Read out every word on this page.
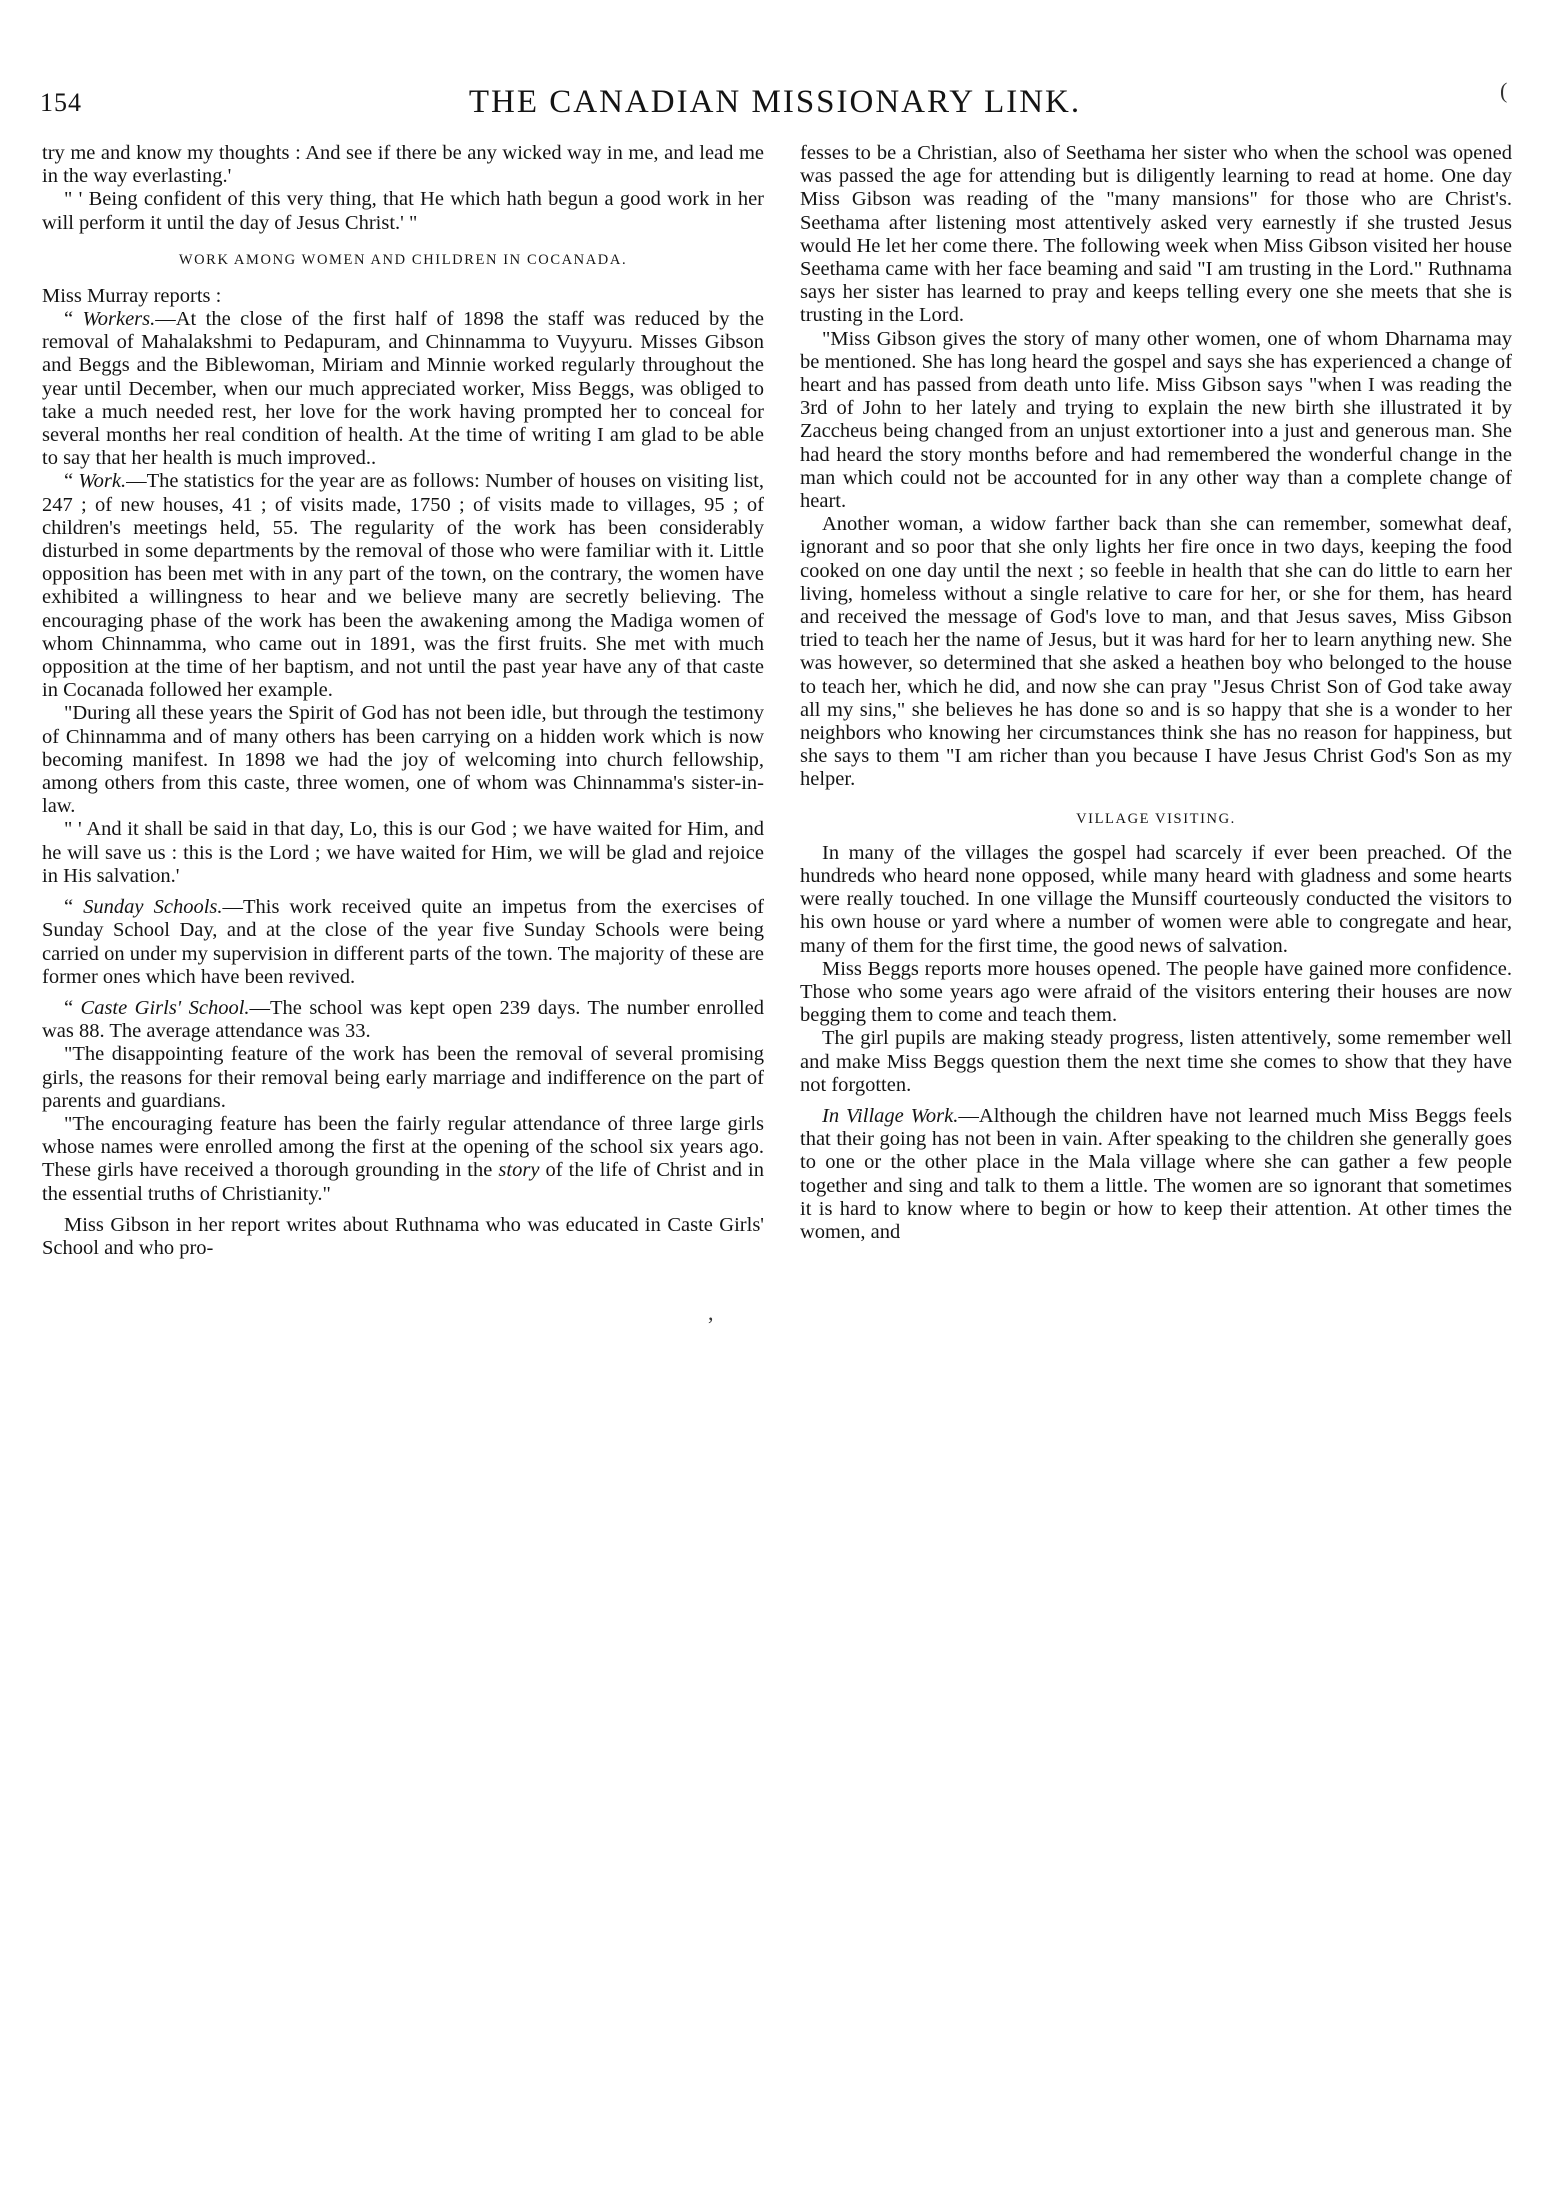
154	THE CANADIAN MISSIONARY LINK.	(
,

try me and know my thoughts : And see if there be any wicked way in me, and lead me in the way everlasting.'

" ' Being confident of this very thing, that He which hath begun a good work in her will perform it until the day of Jesus Christ.' "

WORK AMONG WOMEN AND CHILDREN IN COCANADA.

Miss Murray reports :

“ Workers.—At the close of the first half of 1898 the staff was reduced by the removal of Mahalakshmi to Pedapuram, and Chinnamma to Vuyyuru. Misses Gibson and Beggs and the Biblewoman, Miriam and Minnie worked regularly throughout the year until December, when our much appreciated worker, Miss Beggs, was obliged to take a much needed rest, her love for the work having prompted her to conceal for several months her real condition of health. At the time of writing I am glad to be able to say that her health is much improved..

“ Work.—The statistics for the year are as follows: Number of houses on visiting list, 247 ; of new houses, 41 ; of visits made, 1750 ; of visits made to villages, 95 ; of children's meetings held, 55. The regularity of the work has been considerably disturbed in some departments by the removal of those who were familiar with it. Little opposition has been met with in any part of the town, on the contrary, the women have exhibited a willingness to hear and we believe many are secretly believing. The encouraging phase of the work has been the awakening among the Madiga women of whom Chinnamma, who came out in 1891, was the first fruits. She met with much opposition at the time of her baptism, and not until the past year have any of that caste in Cocanada followed her example.

"During all these years the Spirit of God has not been idle, but through the testimony of Chinnamma and of many others has been carrying on a hidden work which is now becoming manifest. In 1898 we had the joy of welcoming into church fellowship, among others from this caste, three women, one of whom was Chinnamma's sister-in-law.

" ' And it shall be said in that day, Lo, this is our God ; we have waited for Him, and he will save us : this is the Lord ; we have waited for Him, we will be glad and rejoice in His salvation.'

“ Sunday Schools.—This work received quite an impetus from the exercises of Sunday School Day, and at the close of the year five Sunday Schools were being carried on under my supervision in different parts of the town. The majority of these are former ones which have been revived.

“ Caste Girls' School.—The school was kept open 239 days. The number enrolled was 88. The average attendance was 33.

"The disappointing feature of the work has been the removal of several promising girls, the reasons for their removal being early marriage and indifference on the part of parents and guardians.

"The encouraging feature has been the fairly regular attendance of three large girls whose names were enrolled among the first at the opening of the school six years ago. These girls have received a thorough grounding in the story of the life of Christ and in the essential truths of Christianity."

Miss Gibson in her report writes about Ruthnama who was educated in Caste Girls' School and who pro-

fesses to be a Christian, also of Seethama her sister who when the school was opened was passed the age for attending but is diligently learning to read at home. One day Miss Gibson was reading of the "many mansions" for those who are Christ's. Seethama after listening most attentively asked very earnestly if she trusted Jesus would He let her come there. The following week when Miss Gibson visited her house Seethama came with her face beaming and said "I am trusting in the Lord." Ruthnama says her sister has learned to pray and keeps telling every one she meets that she is trusting in the Lord.

"Miss Gibson gives the story of many other women, one of whom Dharnama may be mentioned. She has long heard the gospel and says she has experienced a change of heart and has passed from death unto life. Miss Gibson says "when I was reading the 3rd of John to her lately and trying to explain the new birth she illustrated it by Zaccheus being changed from an unjust extortioner into a just and generous man. She had heard the story months before and had remembered the wonderful change in the man which could not be accounted for in any other way than a complete change of heart.

Another woman, a widow farther back than she can remember, somewhat deaf, ignorant and so poor that she only lights her fire once in two days, keeping the food cooked on one day until the next ; so feeble in health that she can do little to earn her living, homeless without a single relative to care for her, or she for them, has heard and received the message of God's love to man, and that Jesus saves, Miss Gibson tried to teach her the name of Jesus, but it was hard for her to learn anything new. She was however, so determined that she asked a heathen boy who belonged to the house to teach her, which he did, and now she can pray "Jesus Christ Son of God take away all my sins," she believes he has done so and is so happy that she is a wonder to her neighbors who knowing her circumstances think she has no reason for happiness, but she says to them "I am richer than you because I have Jesus Christ God's Son as my helper.

VILLAGE VISITING.

In many of the villages the gospel had scarcely if ever been preached. Of the hundreds who heard none opposed, while many heard with gladness and some hearts were really touched. In one village the Munsiff courteously conducted the visitors to his own house or yard where a number of women were able to congregate and hear, many of them for the first time, the good news of salvation.

Miss Beggs reports more houses opened. The people have gained more confidence. Those who some years ago were afraid of the visitors entering their houses are now begging them to come and teach them.

The girl pupils are making steady progress, listen attentively, some remember well and make Miss Beggs question them the next time she comes to show that they have not forgotten.

In Village Work.—Although the children have not learned much Miss Beggs feels that their going has not been in vain. After speaking to the children she generally goes to one or the other place in the Mala village where she can gather a few people together and sing and talk to them a little. The women are so ignorant that sometimes it is hard to know where to begin or how to keep their attention. At other times the women, and
